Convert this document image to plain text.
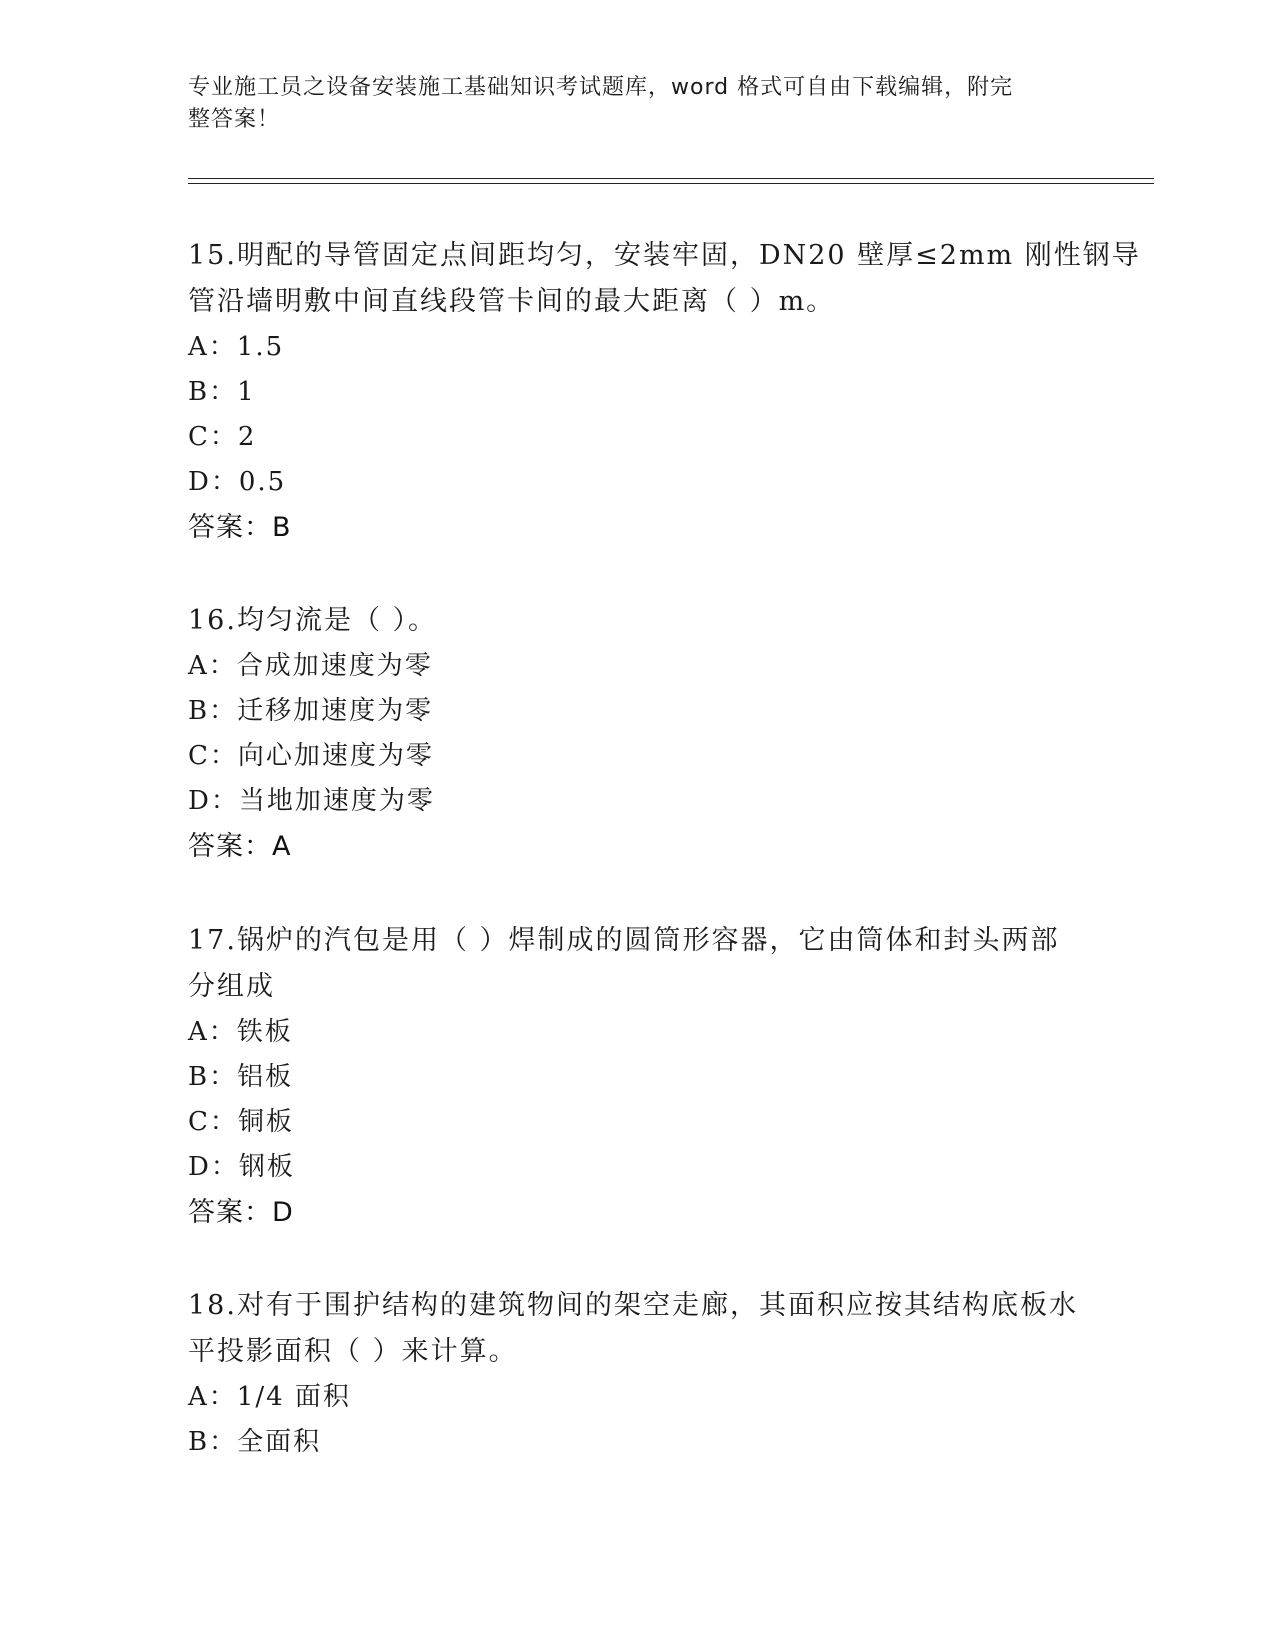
专业施工员之设备安装施工基础知识考试题库，word 格式可自由下载编辑，附完
整答案！
15.明配的导管固定点间距均匀，安装牢固，DN20 壁厚≤2mm 刚性钢导
管沿墙明敷中间直线段管卡间的最大距离（ ）m。
A：1.5
B：1
C：2
D：0.5
答案：B
16.均匀流是（ ）。
A：合成加速度为零
B：迁移加速度为零
C：向心加速度为零
D：当地加速度为零
答案：A
17.锅炉的汽包是用（ ）焊制成的圆筒形容器，它由筒体和封头两部
分组成
A：铁板
B：铝板
C：铜板
D：钢板
答案：D
18.对有于围护结构的建筑物间的架空走廊，其面积应按其结构底板水
平投影面积（ ）来计算。
A：1/4 面积
B：全面积
